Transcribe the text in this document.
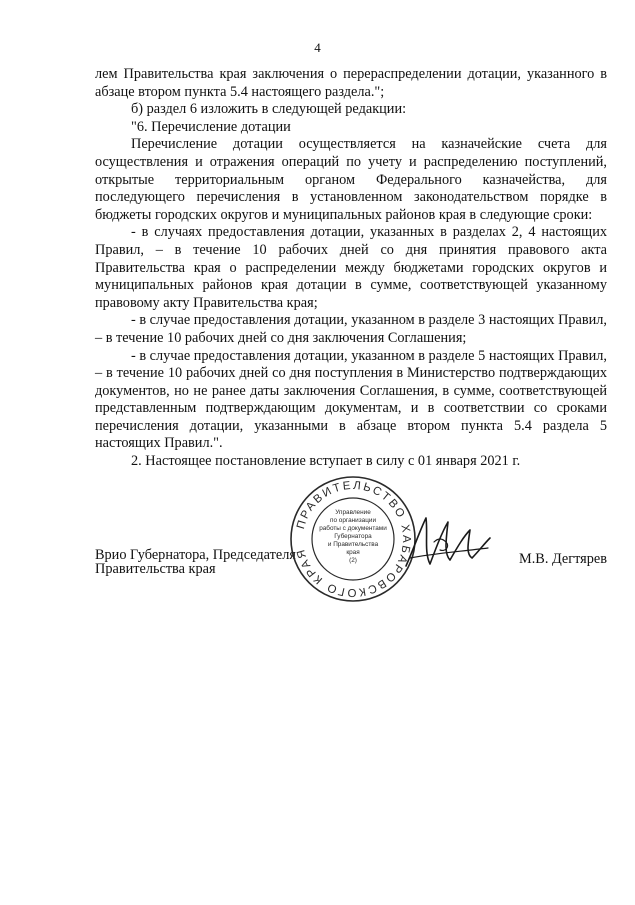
4

лем Правительства края заключения о перераспределении дотации, указанного в абзаце втором пункта 5.4 настоящего раздела.";

б) раздел 6 изложить в следующей редакции:

"6. Перечисление дотации

Перечисление дотации осуществляется на казначейские счета для осуществления и отражения операций по учету и распределению поступлений, открытые территориальным органом Федерального казначейства, для последующего перечисления в установленном законодательством порядке в бюджеты городских округов и муниципальных районов края в следующие сроки:

- в случаях предоставления дотации, указанных в разделах 2, 4 настоящих Правил, – в течение 10 рабочих дней со дня принятия правового акта Правительства края о распределении между бюджетами городских округов и муниципальных районов края дотации в сумме, соответствующей указанному правовому акту Правительства края;

- в случае предоставления дотации, указанном в разделе 3 настоящих Правил, – в течение 10 рабочих дней со дня заключения Соглашения;

- в случае предоставления дотации, указанном в разделе 5 настоящих Правил, – в течение 10 рабочих дней со дня поступления в Министерство подтверждающих документов, но не ранее даты заключения Соглашения, в сумме, соответствующей представленным подтверждающим документам, и в соответствии со сроками перечисления дотации, указанными в абзаце втором пункта 5.4 раздела 5 настоящих Правил.".

2. Настоящее постановление вступает в силу с 01 января 2021 г.

Врио Губернатора, Председателя
Правительства края
М.В. Дегтярев
ПРАВИТЕЛЬСТВО ХАБАРОВСКОГО КРАЯ
Управление
по организации
работы с документами
Губернатора
и Правительства
края
(2)
